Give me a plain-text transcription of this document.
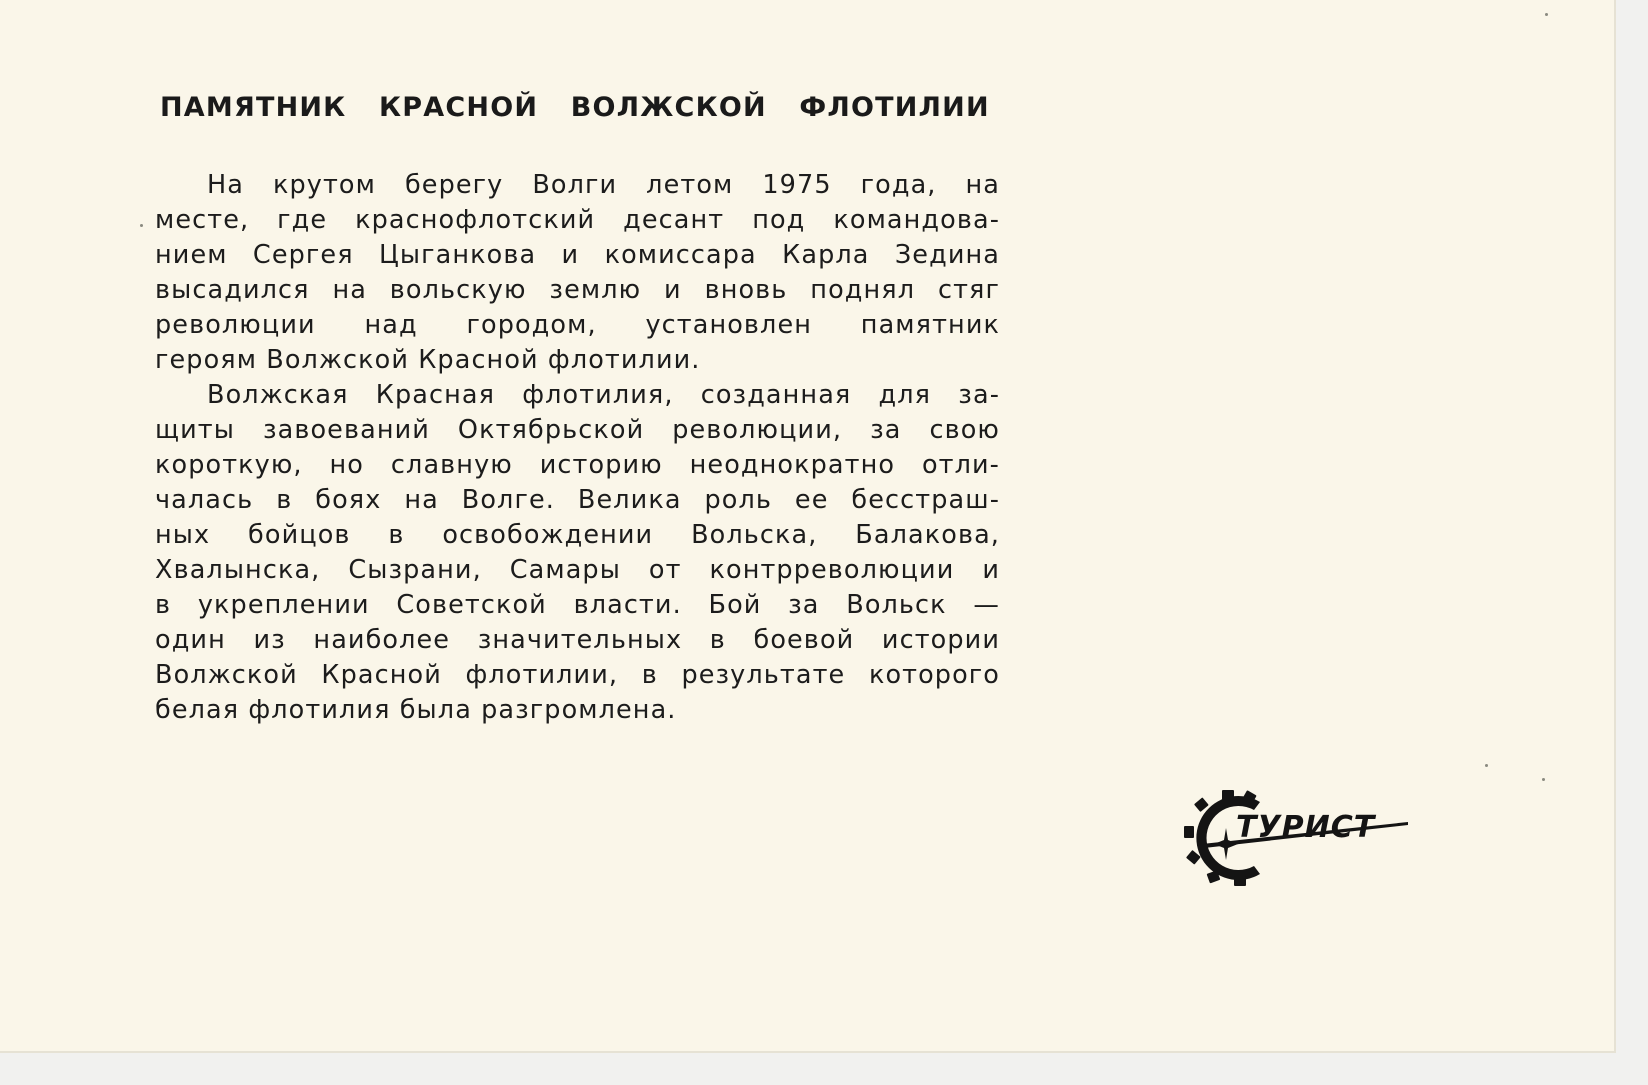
ПАМЯТНИК КРАСНОЙ ВОЛЖСКОЙ ФЛОТИЛИИ
На крутом берегу Волги летом 1975 года, на
месте, где краснофлотский десант под командова-
нием Сергея Цыганкова и комиссара Карла Зедина
высадился на вольскую землю и вновь поднял стяг
революции над городом, установлен памятник
героям Волжской Красной флотилии.
Волжская Красная флотилия, созданная для за-
щиты завоеваний Октябрьской революции, за свою
короткую, но славную историю неоднократно отли-
чалась в боях на Волге. Велика роль ее бесстраш-
ных бойцов в освобождении Вольска, Балакова,
Хвалынска, Сызрани, Самары от контрреволюции и
в укреплении Советской власти. Бой за Вольск —
один из наиболее значительных в боевой истории
Волжской Красной флотилии, в результате которого
белая флотилия была разгромлена.
ТУРИСТ
